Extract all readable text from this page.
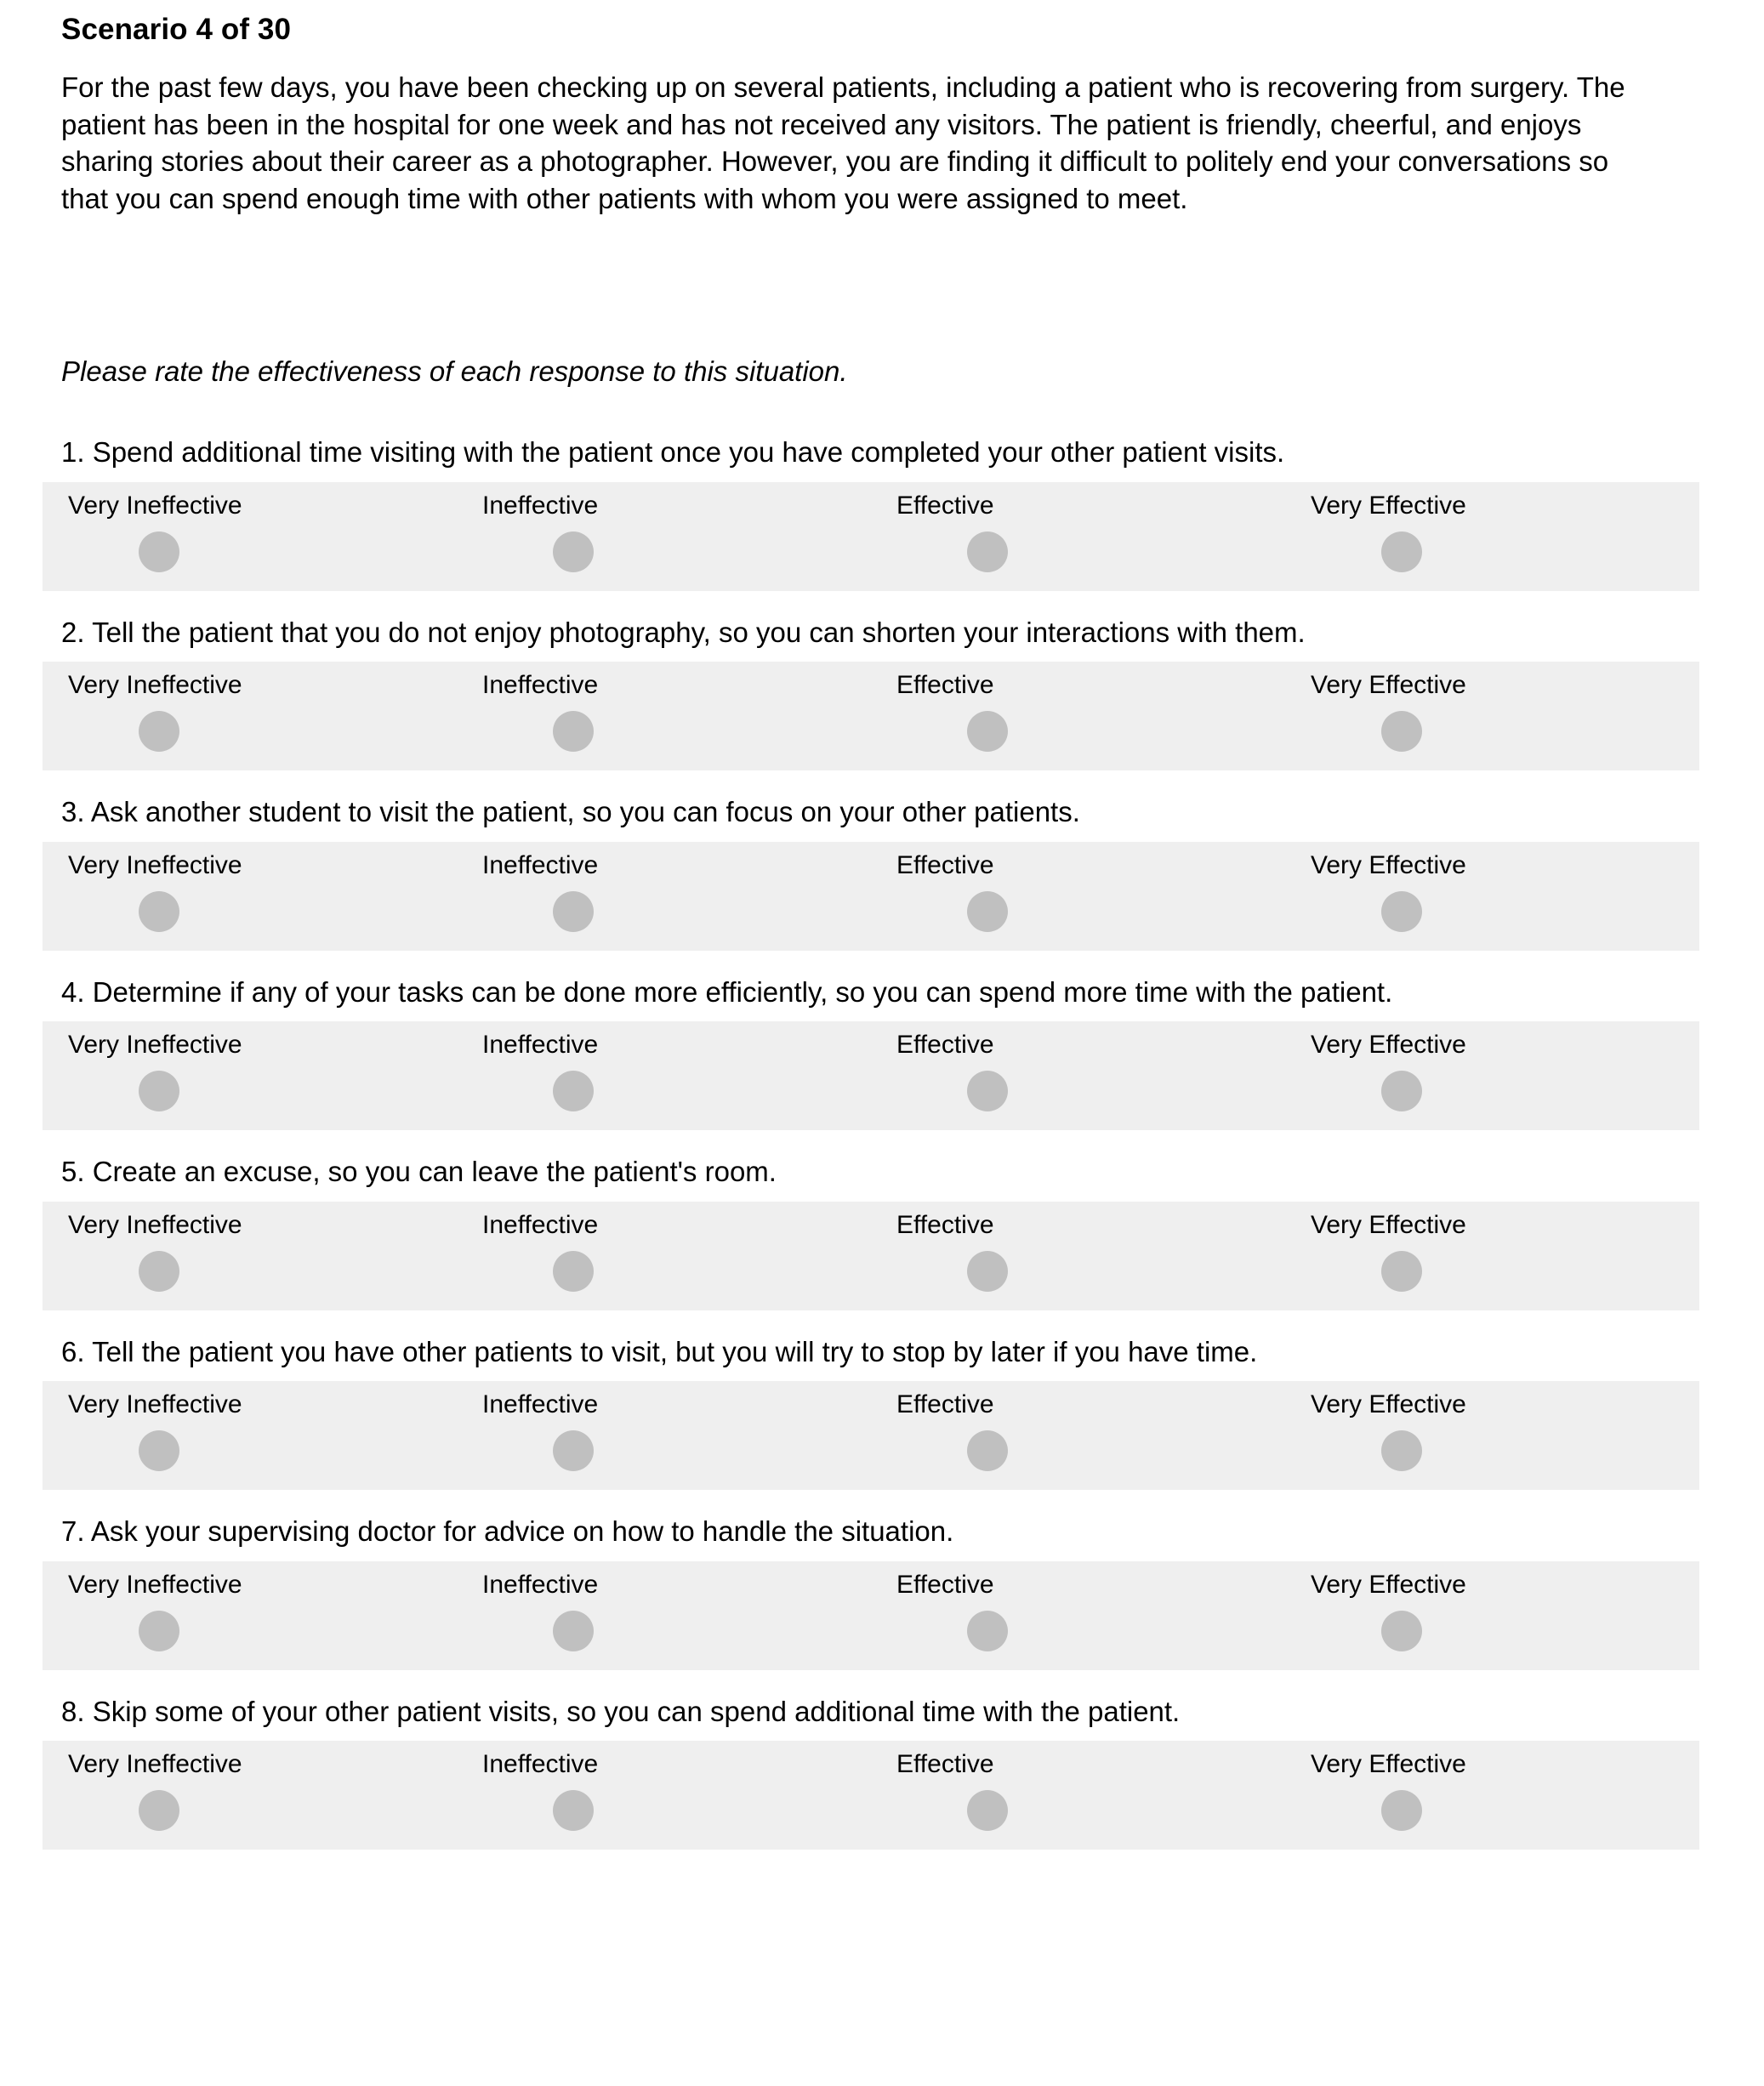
Scenario 4 of 30

For the past few days, you have been checking up on several patients, including a patient who is recovering from surgery. The patient has been in the hospital for one week and has not received any visitors. The patient is friendly, cheerful, and enjoys sharing stories about their career as a photographer. However, you are finding it difficult to politely end your conversations so that you can spend enough time with other patients with whom you were assigned to meet.

Please rate the effectiveness of each response to this situation.

1. Spend additional time visiting with the patient once you have completed your other patient visits.
Very Ineffective	Ineffective	Effective	Very Effective
2. Tell the patient that you do not enjoy photography, so you can shorten your interactions with them.
Very Ineffective	Ineffective	Effective	Very Effective
3. Ask another student to visit the patient, so you can focus on your other patients.
Very Ineffective	Ineffective	Effective	Very Effective
4. Determine if any of your tasks can be done more efficiently, so you can spend more time with the patient.
Very Ineffective	Ineffective	Effective	Very Effective
5. Create an excuse, so you can leave the patient's room.
Very Ineffective	Ineffective	Effective	Very Effective
6. Tell the patient you have other patients to visit, but you will try to stop by later if you have time.
Very Ineffective	Ineffective	Effective	Very Effective
7. Ask your supervising doctor for advice on how to handle the situation.
Very Ineffective	Ineffective	Effective	Very Effective
8. Skip some of your other patient visits, so you can spend additional time with the patient.
Very Ineffective	Ineffective	Effective	Very Effective
